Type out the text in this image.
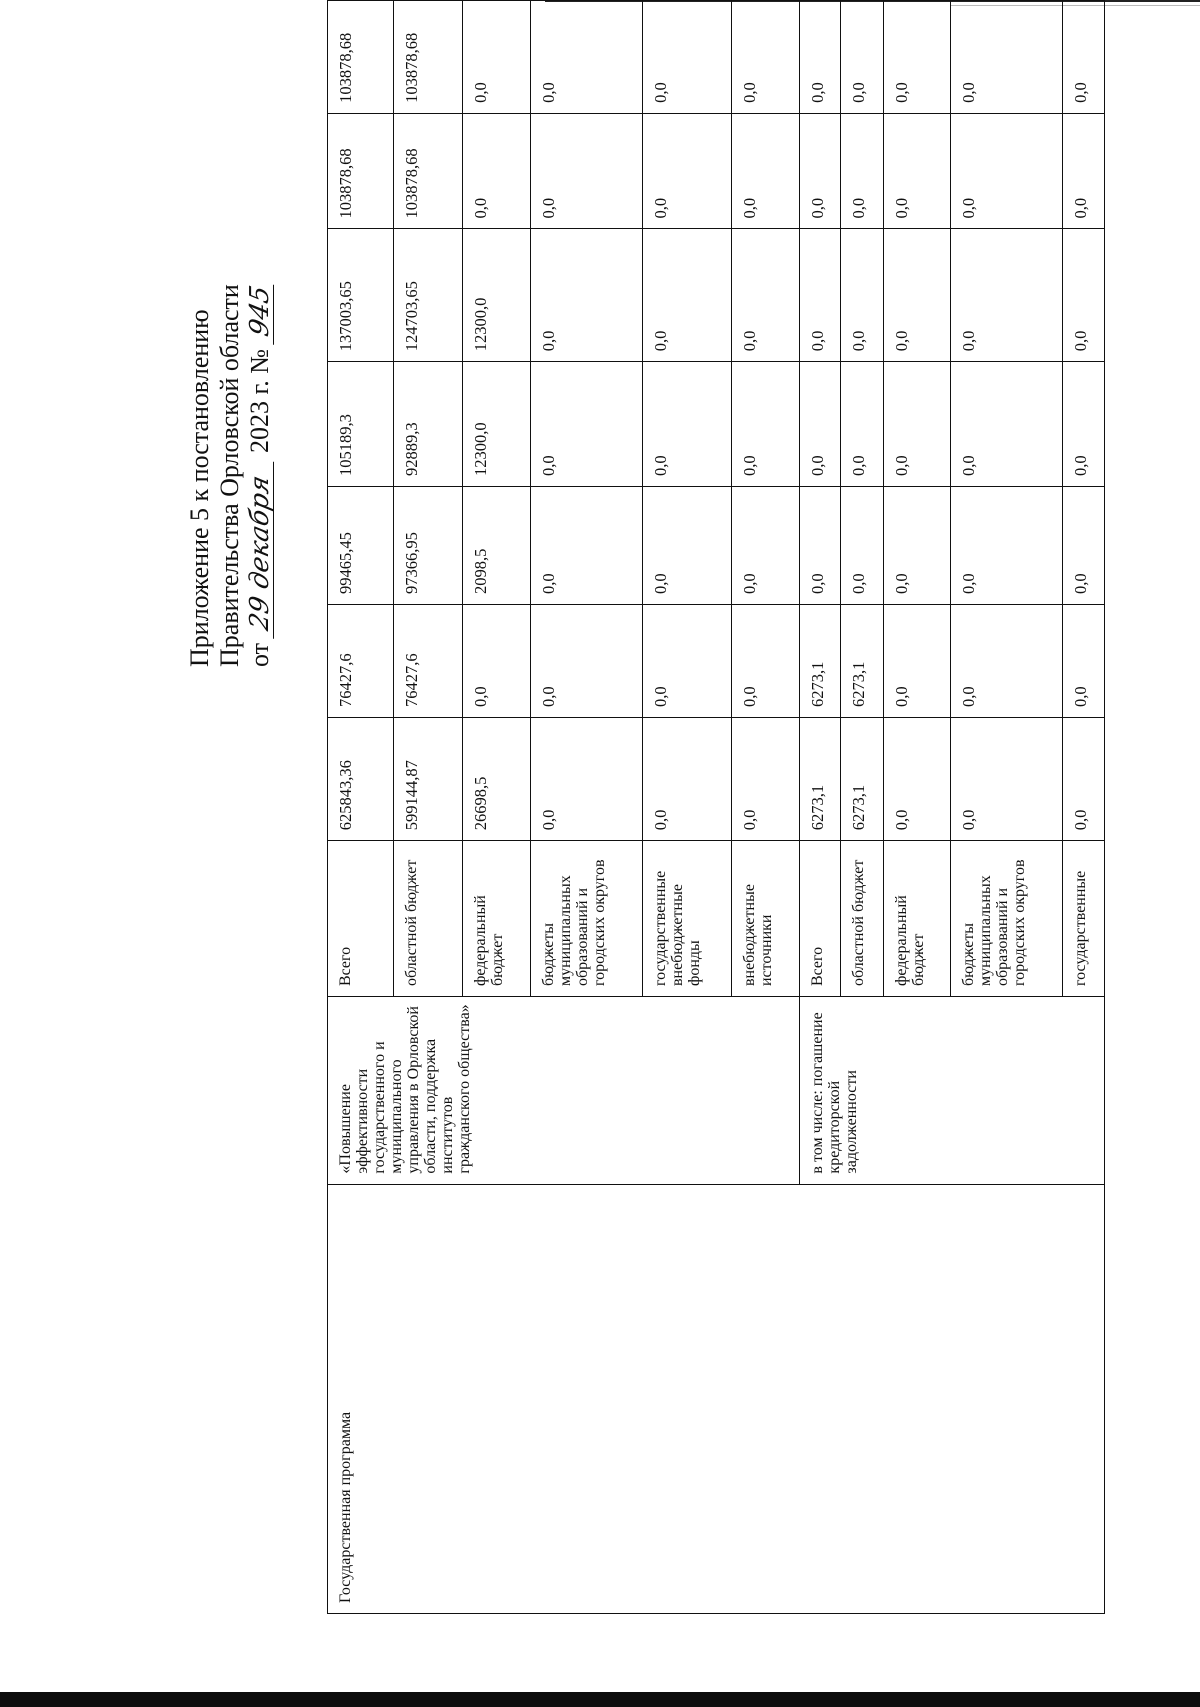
Приложение 5 к постановлению Правительства Орловской области от 29 декабря 2023 г. № 945
Государственная программа	«Повышение эффективности государственного и муниципального управления в Орловской области, поддержка институтов гражданского общества»	Всего	625843,36	76427,6	99465,45	105189,3	137003,65	103878,68	103878,68
		областной бюджет	599144,87	76427,6	97366,95	92889,3	124703,65	103878,68	103878,68
		федеральный бюджет	26698,5	0,0	2098,5	12300,0	12300,0	0,0	0,0
		бюджеты муниципальных образований и городских округов	0,0	0,0	0,0	0,0	0,0	0,0	0,0
		государственные внебюджетные фонды	0,0	0,0	0,0	0,0	0,0	0,0	0,0
		внебюджетные источники	0,0	0,0	0,0	0,0	0,0	0,0	0,0
	в том числе: погашение кредиторской задолженности	Всего	6273,1	6273,1	0,0	0,0	0,0	0,0	0,0
		областной бюджет	6273,1	6273,1	0,0	0,0	0,0	0,0	0,0
		федеральный бюджет	0,0	0,0	0,0	0,0	0,0	0,0	0,0
		бюджеты муниципальных образований и городских округов	0,0	0,0	0,0	0,0	0,0	0,0	0,0
		государственные	0,0	0,0	0,0	0,0	0,0	0,0	0,0
